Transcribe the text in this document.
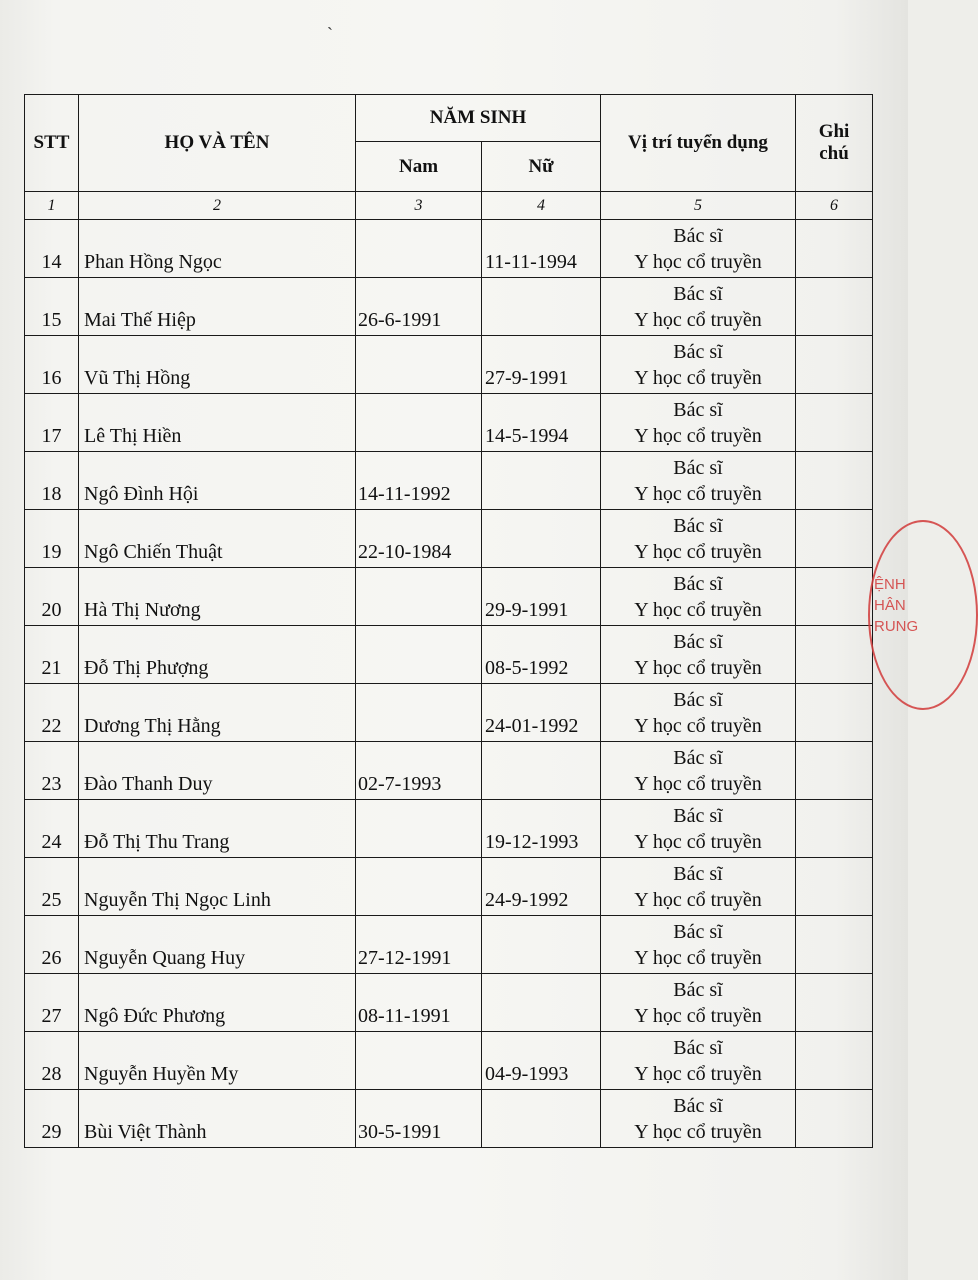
`
STT	HỌ VÀ TÊN	NĂM SINH		Vị trí tuyển dụng	Ghi
chú

		Nam	Nữ		
1	2	3	4	5	6
14	Phan Hồng Ngọc		11-11-1994	Bác sĩ
Y học cổ truyền	

15	Mai Thế Hiệp	26-6-1991		Bác sĩ
Y học cổ truyền	

16	Vũ Thị Hồng		27-9-1991	Bác sĩ
Y học cổ truyền	

17	Lê Thị Hiền		14-5-1994	Bác sĩ
Y học cổ truyền	

18	Ngô Đình Hội	14-11-1992		Bác sĩ
Y học cổ truyền	

19	Ngô Chiến Thuật	22-10-1984		Bác sĩ
Y học cổ truyền	

20	Hà Thị Nương		29-9-1991	Bác sĩ
Y học cổ truyền	

21	Đỗ Thị Phượng		08-5-1992	Bác sĩ
Y học cổ truyền	

22	Dương Thị Hằng		24-01-1992	Bác sĩ
Y học cổ truyền	

23	Đào Thanh Duy	02-7-1993		Bác sĩ
Y học cổ truyền	

24	Đỗ Thị Thu Trang		19-12-1993	Bác sĩ
Y học cổ truyền	

25	Nguyễn Thị Ngọc Linh		24-9-1992	Bác sĩ
Y học cổ truyền	

26	Nguyễn Quang Huy	27-12-1991		Bác sĩ
Y học cổ truyền	

27	Ngô Đức Phương	08-11-1991		Bác sĩ
Y học cổ truyền	

28	Nguyễn Huyền My		04-9-1993	Bác sĩ
Y học cổ truyền	

29	Bùi Việt Thành	30-5-1991		Bác sĩ
Y học cổ truyền	

ỆNH
HÂN
RUNG
